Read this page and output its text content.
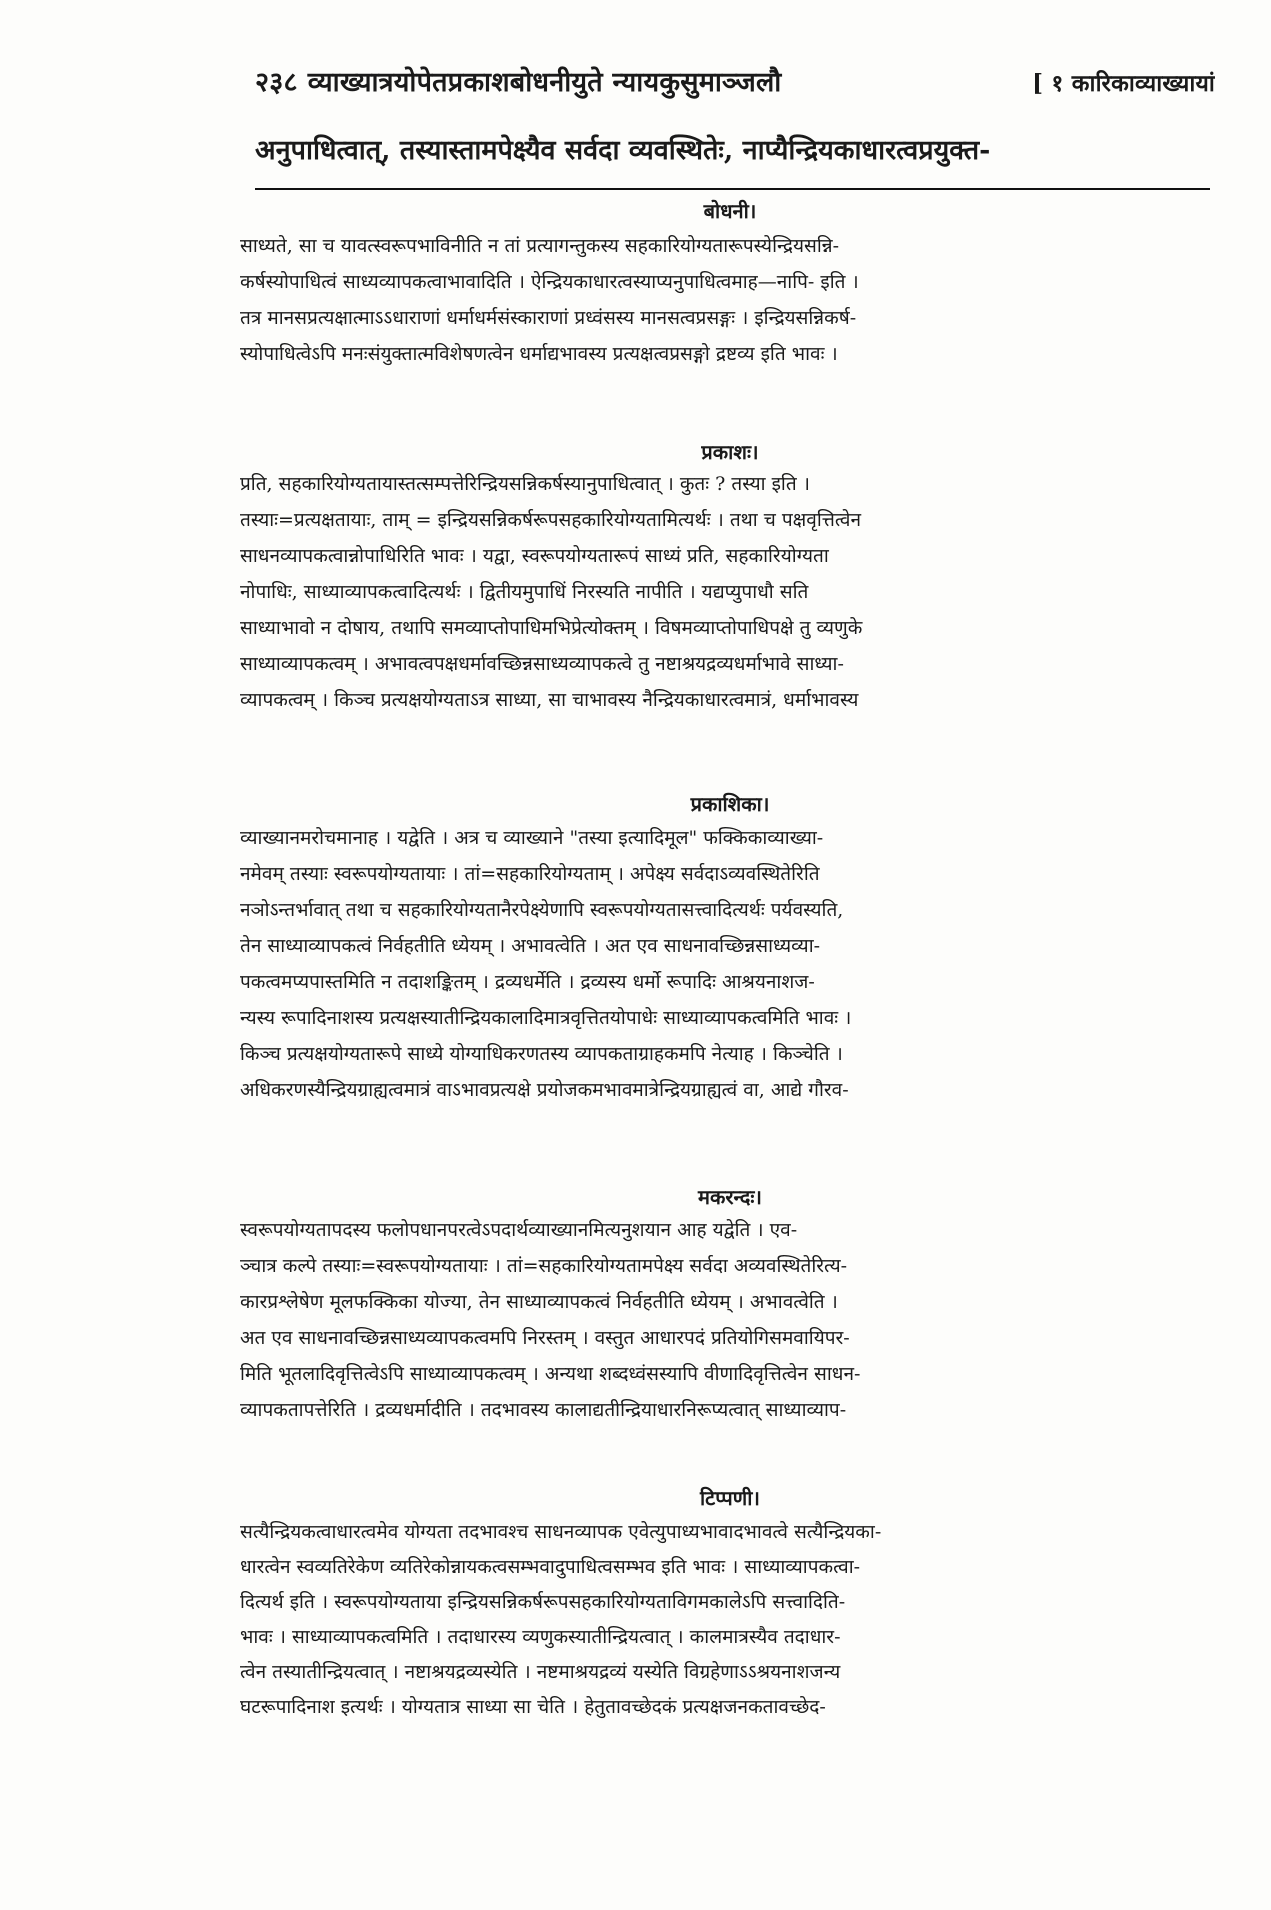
२३८ व्याख्यात्रयोपेतप्रकाशबोधनीयुते न्यायकुसुमाञ्जलौ	[ १ कारिकाव्याख्यायां
अनुपाधित्वात्, तस्यास्तामपेक्ष्यैव सर्वदा व्यवस्थितेः, नाप्यैन्द्रियकाधारत्वप्रयुक्त-
बोधनी।
साध्यते, सा च यावत्स्वरूपभाविनीति न तां प्रत्यागन्तुकस्य सहकारियोग्यतारूपस्येन्द्रियसन्नि-
कर्षस्योपाधित्वं साध्यव्यापकत्वाभावादिति । ऐन्द्रियकाधारत्वस्याप्यनुपाधित्वमाह—नापि- इति ।
तत्र मानसप्रत्यक्षात्माऽऽधाराणां धर्माधर्मसंस्काराणां प्रध्वंसस्य मानसत्वप्रसङ्गः । इन्द्रियसन्निकर्ष-
स्योपाधित्वेऽपि मनःसंयुक्तात्मविशेषणत्वेन धर्माद्यभावस्य प्रत्यक्षत्वप्रसङ्गो द्रष्टव्य इति भावः ।
प्रकाशः।
प्रति, सहकारियोग्यतायास्तत्सम्पत्तेरिन्द्रियसन्निकर्षस्यानुपाधित्वात् । कुतः ? तस्या इति ।
तस्याः=प्रत्यक्षतायाः, ताम् = इन्द्रियसन्निकर्षरूपसहकारियोग्यतामित्यर्थः । तथा च पक्षवृत्तित्वेन
साधनव्यापकत्वान्नोपाधिरिति भावः । यद्वा, स्वरूपयोग्यतारूपं साध्यं प्रति, सहकारियोग्यता
नोपाधिः, साध्याव्यापकत्वादित्यर्थः । द्वितीयमुपाधिं निरस्यति नापीति । यद्यप्युपाधौ सति
साध्याभावो न दोषाय, तथापि समव्याप्तोपाधिमभिप्रेत्योक्तम् । विषमव्याप्तोपाधिपक्षे तु व्यणुके
साध्याव्यापकत्वम् । अभावत्वपक्षधर्मावच्छिन्नसाध्यव्यापकत्वे तु नष्टाश्रयद्रव्यधर्माभावे साध्या-
व्यापकत्वम् । किञ्च प्रत्यक्षयोग्यताऽत्र साध्या, सा चाभावस्य नैन्द्रियकाधारत्वमात्रं, धर्माभावस्य
प्रकाशिका।
व्याख्यानमरोचमानाह । यद्वेति । अत्र च व्याख्याने "तस्या इत्यादिमूल" फक्किकाव्याख्या-
नमेवम् तस्याः स्वरूपयोग्यतायाः । तां=सहकारियोग्यताम् । अपेक्ष्य सर्वदाऽव्यवस्थितेरिति
नञोऽन्तर्भावात् तथा च सहकारियोग्यतानैरपेक्ष्येणापि स्वरूपयोग्यतासत्त्वादित्यर्थः पर्यवस्यति,
तेन साध्याव्यापकत्वं निर्वहतीति ध्येयम् । अभावत्वेति । अत एव साधनावच्छिन्नसाध्यव्या-
पकत्वमप्यपास्तमिति न तदाशङ्कितम् । द्रव्यधर्मेति । द्रव्यस्य धर्मो रूपादिः आश्रयनाशज-
न्यस्य रूपादिनाशस्य प्रत्यक्षस्यातीन्द्रियकालादिमात्रवृत्तितयोपाधेः साध्याव्यापकत्वमिति भावः ।
किञ्च प्रत्यक्षयोग्यतारूपे साध्ये योग्याधिकरणतस्य व्यापकताग्राहकमपि नेत्याह । किञ्चेति ।
अधिकरणस्यैन्द्रियग्राह्यत्वमात्रं वाऽभावप्रत्यक्षे प्रयोजकमभावमात्रेन्द्रियग्राह्यत्वं वा, आद्ये गौरव-
मकरन्दः।
स्वरूपयोग्यतापदस्य फलोपधानपरत्वेऽपदार्थव्याख्यानमित्यनुशयान आह यद्वेति । एव-
ञ्चात्र कल्पे तस्याः=स्वरूपयोग्यतायाः । तां=सहकारियोग्यतामपेक्ष्य सर्वदा अव्यवस्थितेरित्य-
कारप्रश्लेषेण मूलफक्किका योज्या, तेन साध्याव्यापकत्वं निर्वहतीति ध्येयम् । अभावत्वेति ।
अत एव साधनावच्छिन्नसाध्यव्यापकत्वमपि निरस्तम् । वस्तुत आधारपदं प्रतियोगिसमवायिपर-
मिति भूतलादिवृत्तित्वेऽपि साध्याव्यापकत्वम् । अन्यथा शब्दध्वंसस्यापि वीणादिवृत्तित्वेन साधन-
व्यापकतापत्तेरिति । द्रव्यधर्मादीति । तदभावस्य कालाद्यतीन्द्रियाधारनिरूप्यत्वात् साध्याव्याप-
टिप्पणी।
सत्यैन्द्रियकत्वाधारत्वमेव योग्यता तदभावश्च साधनव्यापक एवेत्युपाध्यभावादभावत्वे सत्यैन्द्रियका-
धारत्वेन स्वव्यतिरेकेण व्यतिरेकोन्नायकत्वसम्भवादुपाधित्वसम्भव इति भावः । साध्याव्यापकत्वा-
दित्यर्थ इति । स्वरूपयोग्यताया इन्द्रियसन्निकर्षरूपसहकारियोग्यताविगमकालेऽपि सत्त्वादिति-
भावः । साध्याव्यापकत्वमिति । तदाधारस्य व्यणुकस्यातीन्द्रियत्वात् । कालमात्रस्यैव तदाधार-
त्वेन तस्यातीन्द्रियत्वात् । नष्टाश्रयद्रव्यस्येति । नष्टमाश्रयद्रव्यं यस्येति विग्रहेणाऽऽश्रयनाशजन्य
घटरूपादिनाश इत्यर्थः । योग्यतात्र साध्या सा चेति । हेतुतावच्छेदकं प्रत्यक्षजनकतावच्छेद-
